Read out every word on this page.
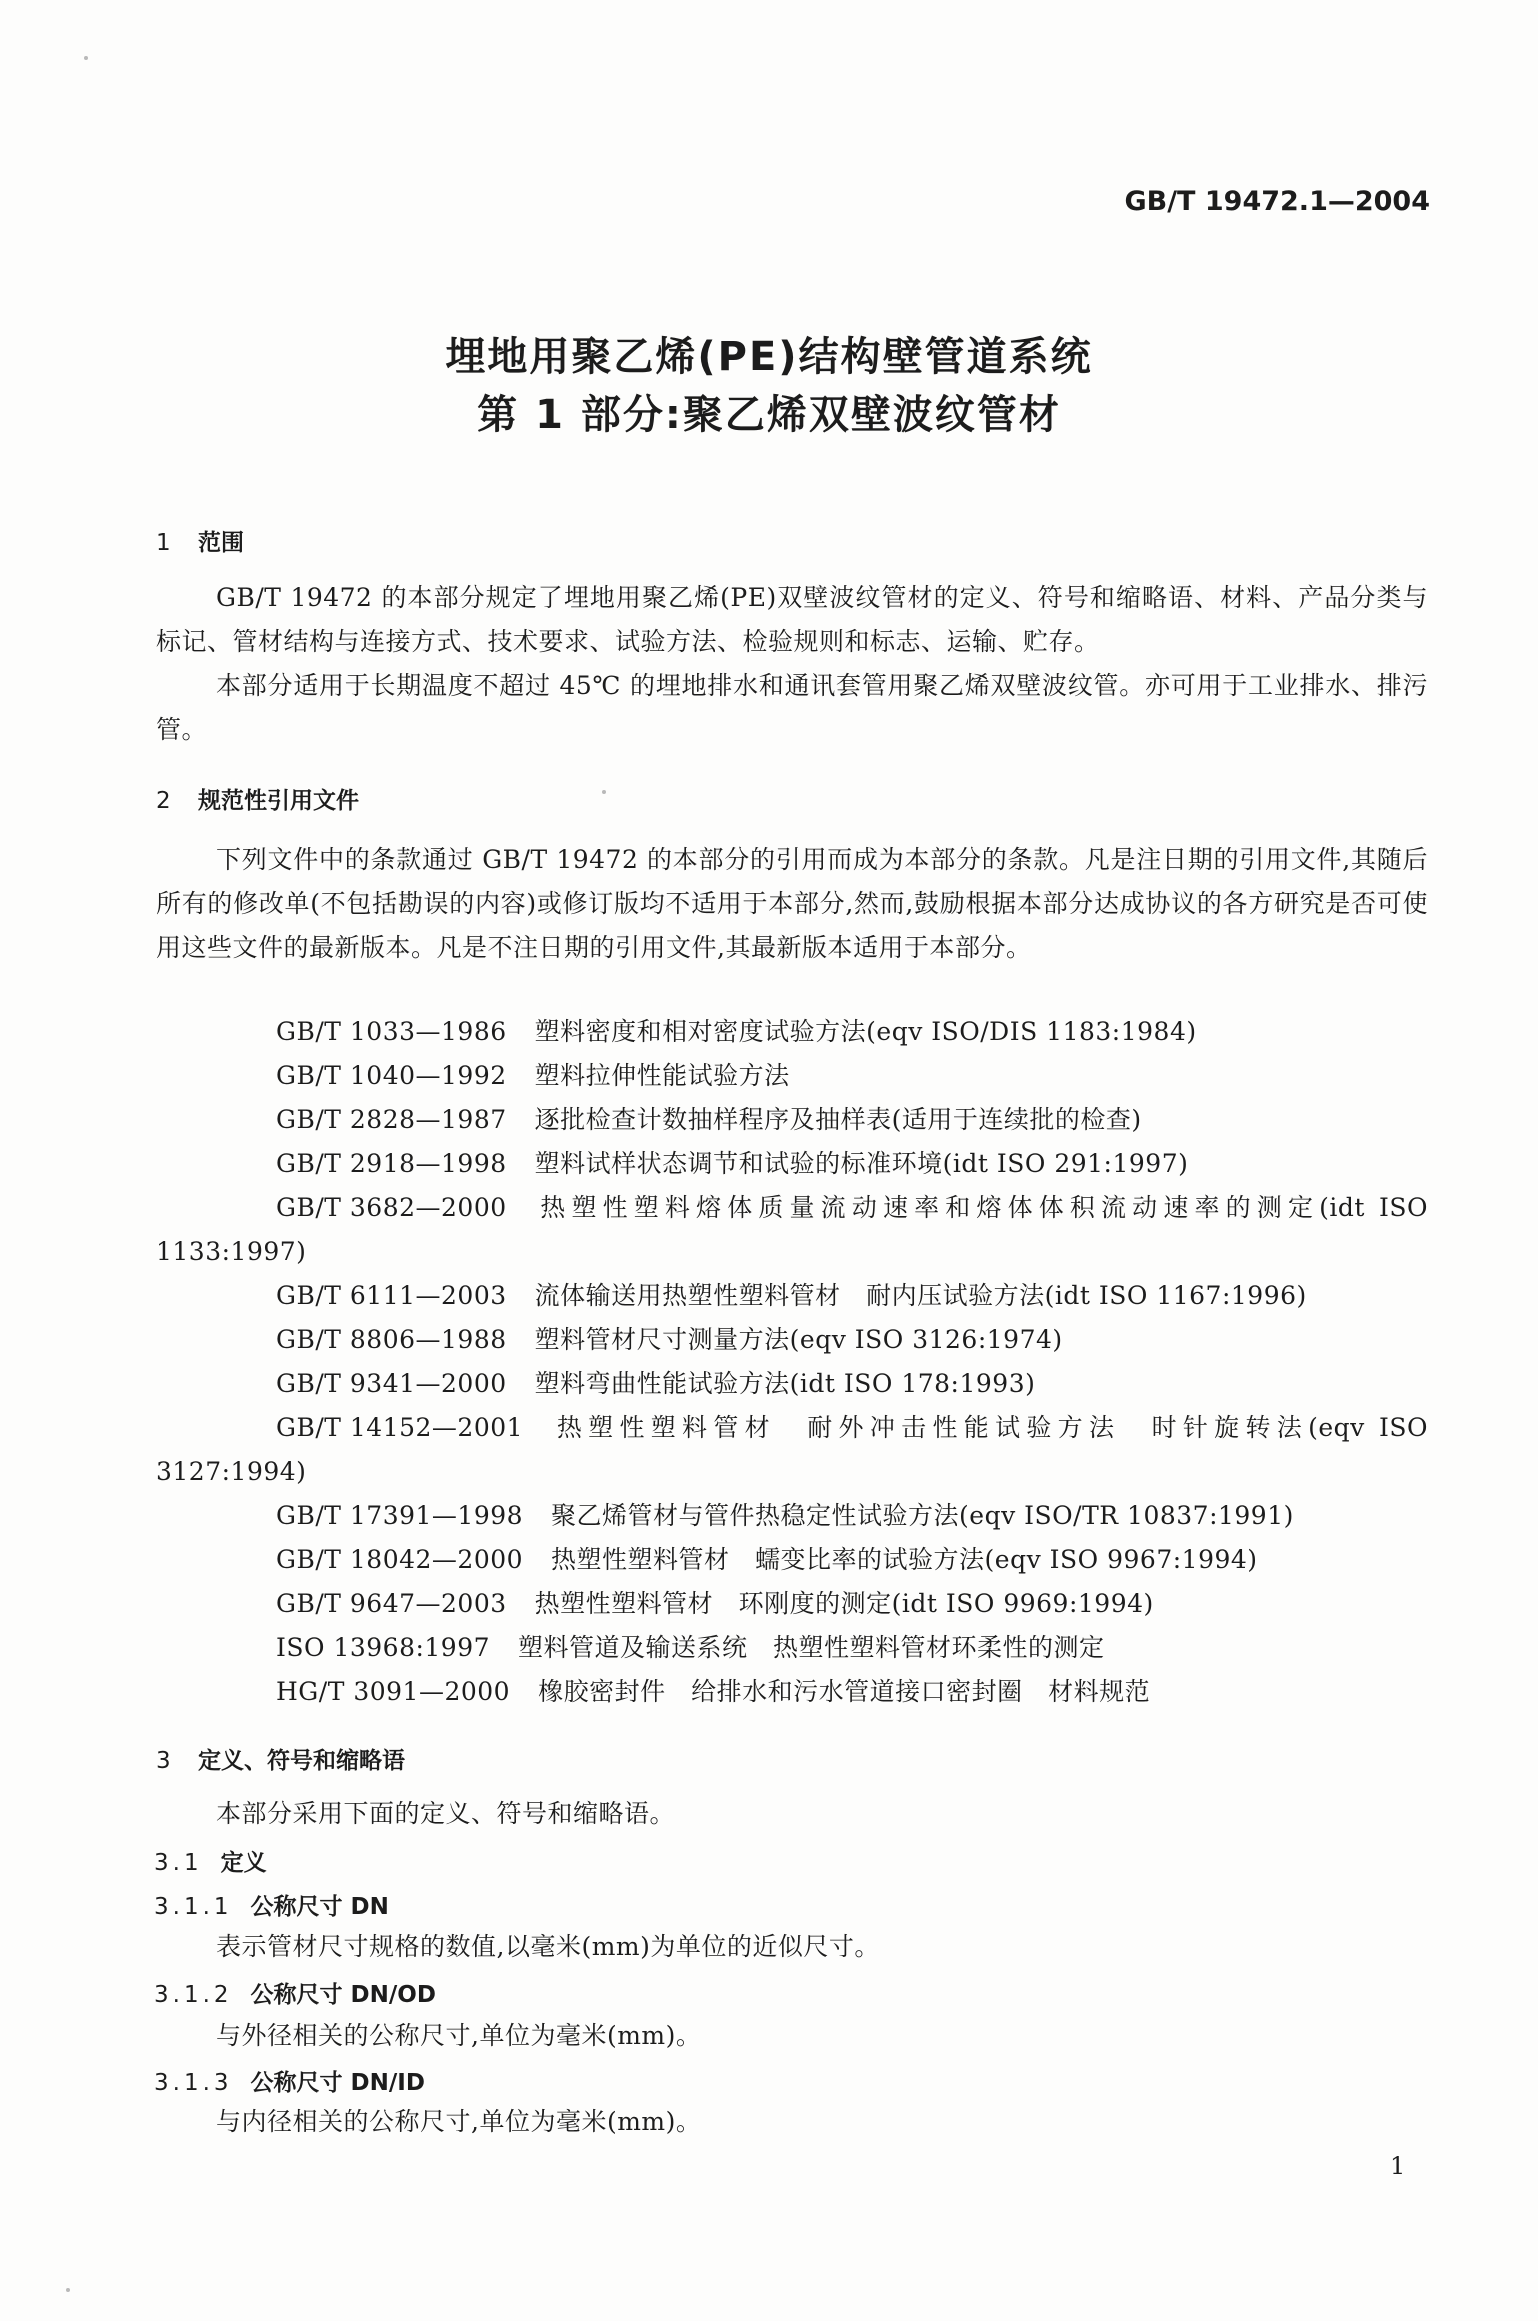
GB/T 19472.1—2004
埋地用聚乙烯(PE)结构壁管道系统
第 1 部分:聚乙烯双壁波纹管材
1 范围
GB/T 19472 的本部分规定了埋地用聚乙烯(PE)双壁波纹管材的定义、符号和缩略语、材料、产品分类与标记、管材结构与连接方式、技术要求、试验方法、检验规则和标志、运输、贮存。
本部分适用于长期温度不超过 45℃ 的埋地排水和通讯套管用聚乙烯双壁波纹管。亦可用于工业排水、排污管。
2 规范性引用文件
下列文件中的条款通过 GB/T 19472 的本部分的引用而成为本部分的条款。凡是注日期的引用文件,其随后所有的修改单(不包括勘误的内容)或修订版均不适用于本部分,然而,鼓励根据本部分达成协议的各方研究是否可使用这些文件的最新版本。凡是不注日期的引用文件,其最新版本适用于本部分。
GB/T 1033—1986 塑料密度和相对密度试验方法(eqv ISO/DIS 1183:1984)
GB/T 1040—1992 塑料拉伸性能试验方法
GB/T 2828—1987 逐批检查计数抽样程序及抽样表(适用于连续批的检查)
GB/T 2918—1998 塑料试样状态调节和试验的标准环境(idt ISO 291:1997)
GB/T 3682—2000 热塑性塑料熔体质量流动速率和熔体体积流动速率的测定(idt ISO 1133:1997)
GB/T 6111—2003 流体输送用热塑性塑料管材　耐内压试验方法(idt ISO 1167:1996)
GB/T 8806—1988 塑料管材尺寸测量方法(eqv ISO 3126:1974)
GB/T 9341—2000 塑料弯曲性能试验方法(idt ISO 178:1993)
GB/T 14152—2001 热塑性塑料管材　耐外冲击性能试验方法　时针旋转法(eqv ISO 3127:1994)
GB/T 17391—1998 聚乙烯管材与管件热稳定性试验方法(eqv ISO/TR 10837:1991)
GB/T 18042—2000 热塑性塑料管材　蠕变比率的试验方法(eqv ISO 9967:1994)
GB/T 9647—2003 热塑性塑料管材　环刚度的测定(idt ISO 9969:1994)
ISO 13968:1997 塑料管道及输送系统　热塑性塑料管材环柔性的测定
HG/T 3091—2000 橡胶密封件　给排水和污水管道接口密封圈　材料规范
3 定义、符号和缩略语
本部分采用下面的定义、符号和缩略语。
3.1 定义
3.1.1 公称尺寸 DN
表示管材尺寸规格的数值,以毫米(mm)为单位的近似尺寸。
3.1.2 公称尺寸 DN/OD
与外径相关的公称尺寸,单位为毫米(mm)。
3.1.3 公称尺寸 DN/ID
与内径相关的公称尺寸,单位为毫米(mm)。
1
